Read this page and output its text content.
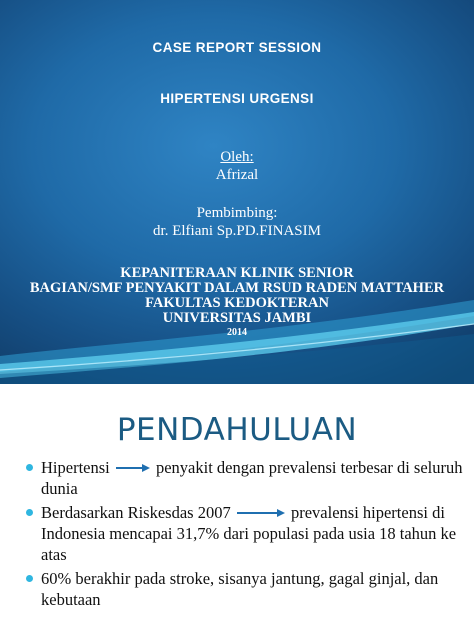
CASE REPORT SESSION
HIPERTENSI URGENSI
Oleh:
Afrizal
Pembimbing:
dr. Elfiani Sp.PD.FINASIM
KEPANITERAAN KLINIK SENIOR
BAGIAN/SMF PENYAKIT DALAM RSUD RADEN MATTAHER
FAKULTAS KEDOKTERAN
UNIVERSITAS JAMBI
2014
PENDAHULUAN
Hipertensi	penyakit dengan prevalensi terbesar di seluruh dunia
Berdasarkan Riskesdas 2007	prevalensi hipertensi di Indonesia mencapai 31,7% dari populasi pada usia 18 tahun ke atas
60% berakhir pada stroke, sisanya jantung, gagal ginjal, dan kebutaan
